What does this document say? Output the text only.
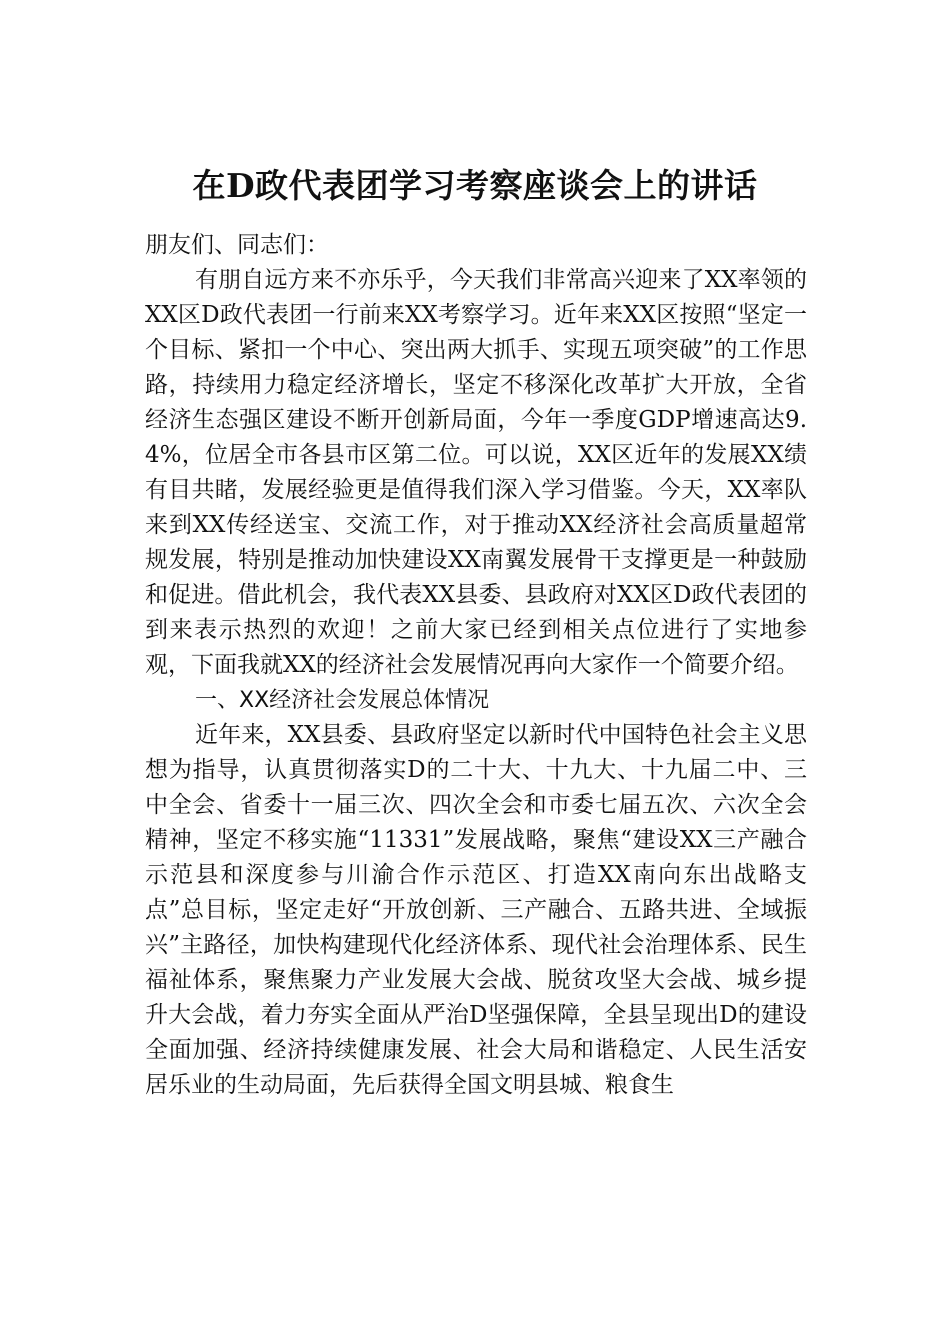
在D政代表团学习考察座谈会上的讲话

朋友们、同志们：

有朋自远方来不亦乐乎，今天我们非常高兴迎来了XX率领的XX区D政代表团一行前来XX考察学习。近年来XX区按照“坚定一个目标、紧扣一个中心、突出两大抓手、实现五项突破”的工作思路，持续用力稳定经济增长，坚定不移深化改革扩大开放，全省经济生态强区建设不断开创新局面，今年一季度GDP增速高达9.4%，位居全市各县市区第二位。可以说，XX区近年的发展XX绩有目共睹，发展经验更是值得我们深入学习借鉴。今天，XX率队来到XX传经送宝、交流工作，对于推动XX经济社会高质量超常规发展，特别是推动加快建设XX南翼发展骨干支撑更是一种鼓励和促进。借此机会，我代表XX县委、县政府对XX区D政代表团的到来表示热烈的欢迎！之前大家已经到相关点位进行了实地参观，下面我就XX的经济社会发展情况再向大家作一个简要介绍。

一、XX经济社会发展总体情况

近年来，XX县委、县政府坚定以新时代中国特色社会主义思想为指导，认真贯彻落实D的二十大、十九大、十九届二中、三中全会、省委十一届三次、四次全会和市委七届五次、六次全会精神，坚定不移实施“11331”发展战略，聚焦“建设XX三产融合示范县和深度参与川渝合作示范区、打造XX南向东出战略支点”总目标，坚定走好“开放创新、三产融合、五路共进、全域振兴”主路径，加快构建现代化经济体系、现代社会治理体系、民生福祉体系，聚焦聚力产业发展大会战、脱贫攻坚大会战、城乡提升大会战，着力夯实全面从严治D坚强保障，全县呈现出D的建设全面加强、经济持续健康发展、社会大局和谐稳定、人民生活安居乐业的生动局面，先后获得全国文明县城、粮食生
